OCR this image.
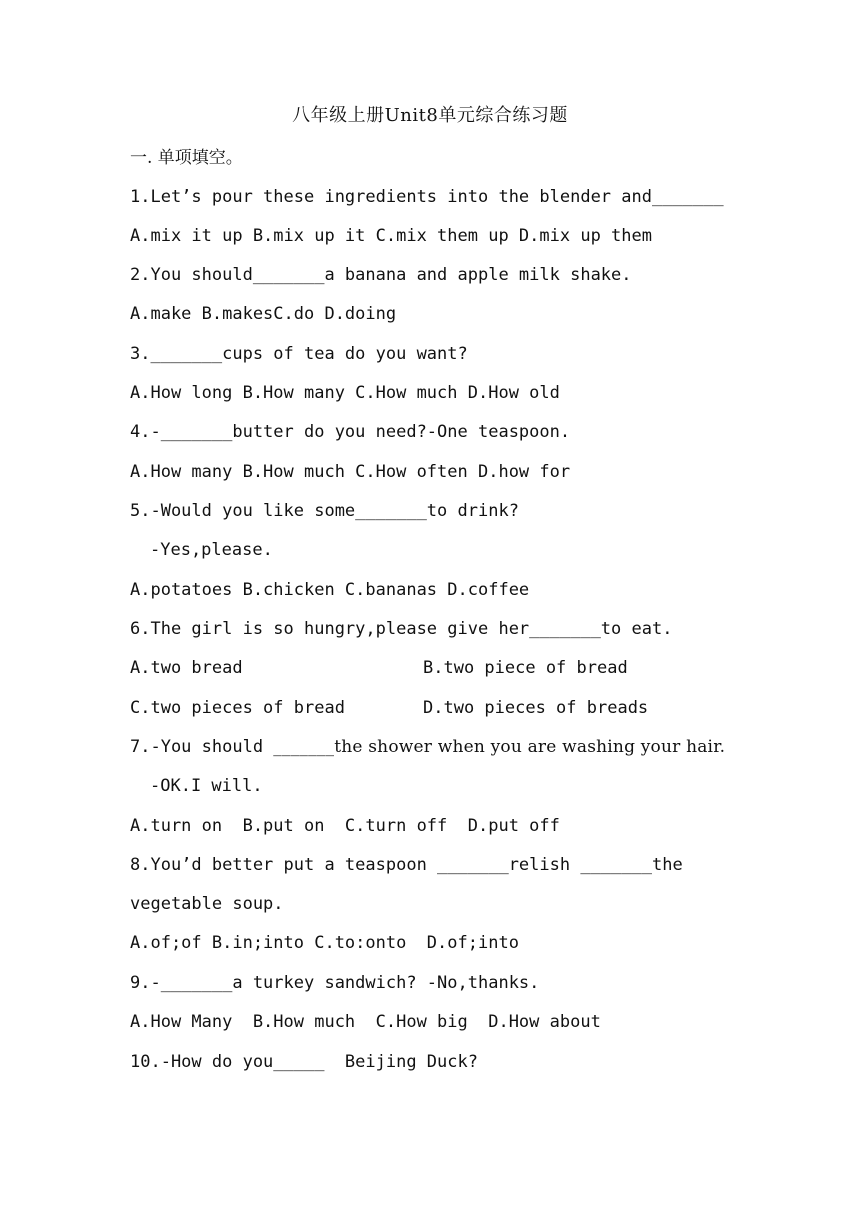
八年级上册Unit8单元综合练习题
一. 单项填空。
1.Let’s pour these ingredients into the blender and_______
A.mix it up B.mix up it C.mix them up D.mix up them
2.You should_______a banana and apple milk shake.
A.make B.makesC.do D.doing
3._______cups of tea do you want?
A.How long B.How many C.How much D.How old
4.-_______butter do you need?-One teaspoon.
A.How many B.How much C.How often D.how for
5.-Would you like some_______to drink?
-Yes,please.
A.potatoes B.chicken C.bananas D.coffee
6.The girl is so hungry,please give her_______to eat.
A.two bread	B.two piece of bread
C.two pieces of bread	D.two pieces of breads
7.-You should _______the shower when you are washing your hair.
-OK.I will.
A.turn on  B.put on  C.turn off  D.put off
8.You’d better put a teaspoon _______relish _______the
vegetable soup.
A.of;of B.in;into C.to:onto  D.of;into
9.-_______a turkey sandwich? -No,thanks.
A.How Many  B.How much  C.How big  D.How about
10.-How do you_____  Beijing Duck?
